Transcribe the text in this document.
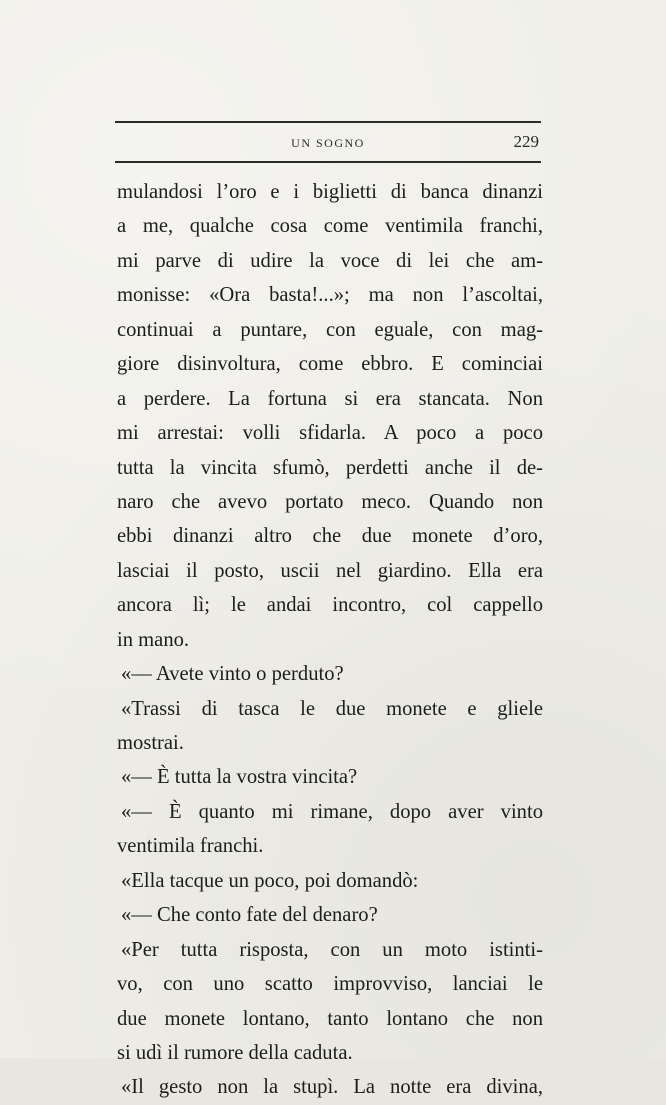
UN SOGNO	229
mulandosi l’oro e i biglietti di banca dinanzi
a me, qualche cosa come ventimila franchi,
mi parve di udire la voce di lei che am-
monisse: «Ora basta!...»; ma non l’ascoltai,
continuai a puntare, con eguale, con mag-
giore disinvoltura, come ebbro. E cominciai
a perdere. La fortuna si era stancata. Non
mi arrestai: volli sfidarla. A poco a poco
tutta la vincita sfumò, perdetti anche il de-
naro che avevo portato meco. Quando non
ebbi dinanzi altro che due monete d’oro,
lasciai il posto, uscii nel giardino. Ella era
ancora lì; le andai incontro, col cappello
in mano.
«— Avete vinto o perduto?
«Trassi di tasca le due monete e gliele
mostrai.
«— È tutta la vostra vincita?
«— È quanto mi rimane, dopo aver vinto
ventimila franchi.
«Ella tacque un poco, poi domandò:
«— Che conto fate del denaro?
«Per tutta risposta, con un moto istinti-
vo, con uno scatto improvviso, lanciai le
due monete lontano, tanto lontano che non
si udì il rumore della caduta.
«Il gesto non la stupì. La notte era divina,
